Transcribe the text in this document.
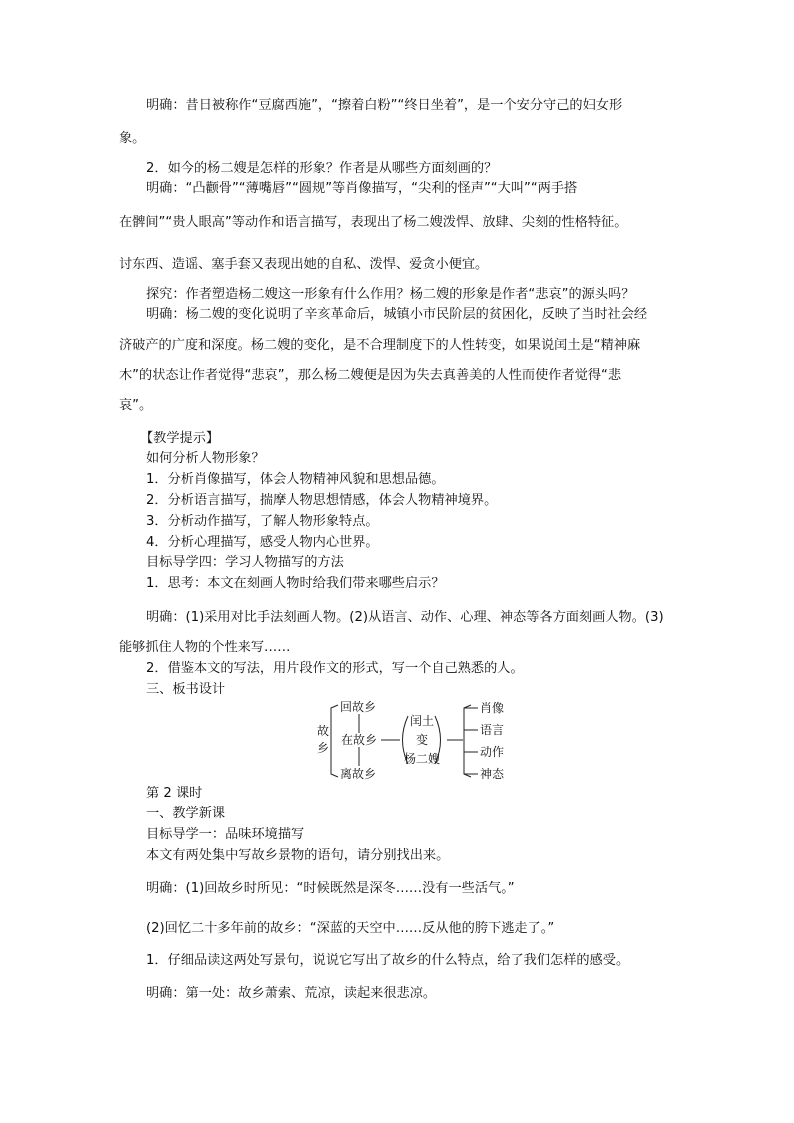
明确：昔日被称作“豆腐西施”，“擦着白粉”“终日坐着”，是一个安分守己的妇女形
象。
2．如今的杨二嫂是怎样的形象？作者是从哪些方面刻画的？
明确：“凸颧骨”“薄嘴唇”“圆规”等肖像描写，“尖利的怪声”“大叫”“两手搭
在髀间”“贵人眼高”等动作和语言描写，表现出了杨二嫂泼悍、放肆、尖刻的性格特征。
讨东西、造谣、塞手套又表现出她的自私、泼悍、爱贪小便宜。
探究：作者塑造杨二嫂这一形象有什么作用？杨二嫂的形象是作者“悲哀”的源头吗？
明确：杨二嫂的变化说明了辛亥革命后，城镇小市民阶层的贫困化，反映了当时社会经
济破产的广度和深度。杨二嫂的变化，是不合理制度下的人性转变，如果说闰土是“精神麻
木”的状态让作者觉得“悲哀”，那么杨二嫂便是因为失去真善美的人性而使作者觉得“悲
哀”。
【教学提示】
如何分析人物形象？
1．分析肖像描写，体会人物精神风貌和思想品德。
2．分析语言描写，揣摩人物思想情感，体会人物精神境界。
3．分析动作描写，了解人物形象特点。
4．分析心理描写，感受人物内心世界。
目标导学四：学习人物描写的方法
1．思考：本文在刻画人物时给我们带来哪些启示？
明确：(1)采用对比手法刻画人物。(2)从语言、动作、心理、神态等各方面刻画人物。(3)
能够抓住人物的个性来写……
2．借鉴本文的写法，用片段作文的形式，写一个自己熟悉的人。
三、板书设计
故
乡
回故乡
在故乡
离故乡
闰土
变
杨二嫂
肖像
语言
动作
神态
第 2 课时
一、教学新课
目标导学一：品味环境描写
本文有两处集中写故乡景物的语句，请分别找出来。
明确：(1)回故乡时所见：“时候既然是深冬……没有一些活气。”
(2)回忆二十多年前的故乡：“深蓝的天空中……反从他的胯下逃走了。”
1．仔细品读这两处写景句，说说它写出了故乡的什么特点，给了我们怎样的感受。
明确：第一处：故乡萧索、荒凉，读起来很悲凉。
